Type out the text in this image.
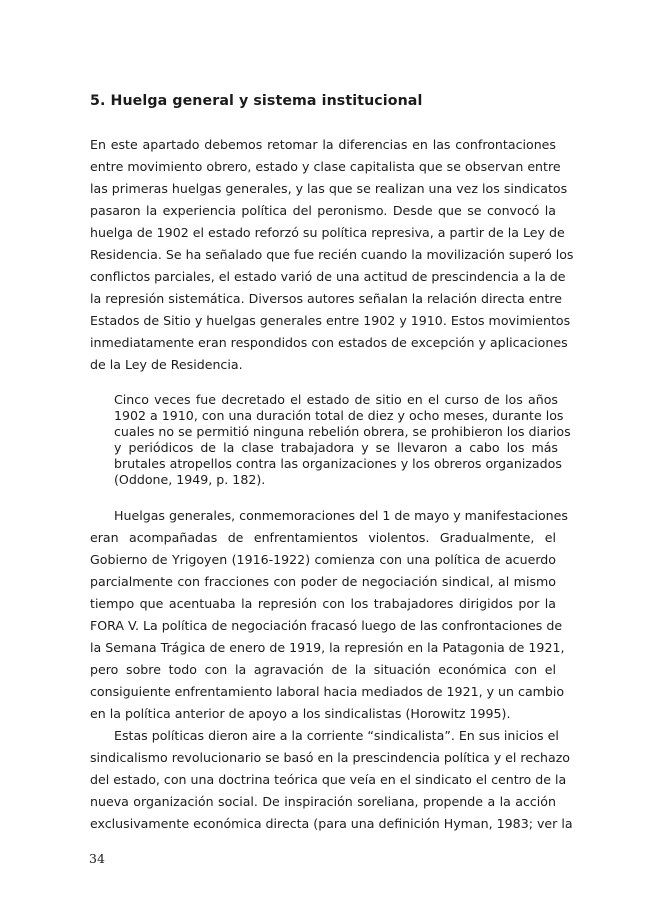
5. Huelga general y sistema institucional
En este apartado debemos retomar la diferencias en las confrontaciones
entre movimiento obrero, estado y clase capitalista que se observan entre
las primeras huelgas generales, y las que se realizan una vez los sindicatos
pasaron la experiencia política del peronismo. Desde que se convocó la
huelga de 1902 el estado reforzó su política represiva, a partir de la Ley de
Residencia. Se ha señalado que fue recién cuando la movilización superó los
conflictos parciales, el estado varió de una actitud de prescindencia a la de
la represión sistemática. Diversos autores señalan la relación directa entre
Estados de Sitio y huelgas generales entre 1902 y 1910. Estos movimientos
inmediatamente eran respondidos con estados de excepción y aplicaciones
de la Ley de Residencia.
Cinco veces fue decretado el estado de sitio en el curso de los años
1902 a 1910, con una duración total de diez y ocho meses, durante los
cuales no se permitió ninguna rebelión obrera, se prohibieron los diarios
y periódicos de la clase trabajadora y se llevaron a cabo los más
brutales atropellos contra las organizaciones y los obreros organizados
(Oddone, 1949, p. 182).
Huelgas generales, conmemoraciones del 1 de mayo y manifestaciones
eran acompañadas de enfrentamientos violentos. Gradualmente, el
Gobierno de Yrigoyen (1916-1922) comienza con una política de acuerdo
parcialmente con fracciones con poder de negociación sindical, al mismo
tiempo que acentuaba la represión con los trabajadores dirigidos por la
FORA V. La política de negociación fracasó luego de las confrontaciones de
la Semana Trágica de enero de 1919, la represión en la Patagonia de 1921,
pero sobre todo con la agravación de la situación económica con el
consiguiente enfrentamiento laboral hacia mediados de 1921, y un cambio
en la política anterior de apoyo a los sindicalistas (Horowitz 1995).
Estas políticas dieron aire a la corriente “sindicalista”. En sus inicios el
sindicalismo revolucionario se basó en la prescindencia política y el rechazo
del estado, con una doctrina teórica que veía en el sindicato el centro de la
nueva organización social. De inspiración soreliana, propende a la acción
exclusivamente económica directa (para una definición Hyman, 1983; ver la
34
